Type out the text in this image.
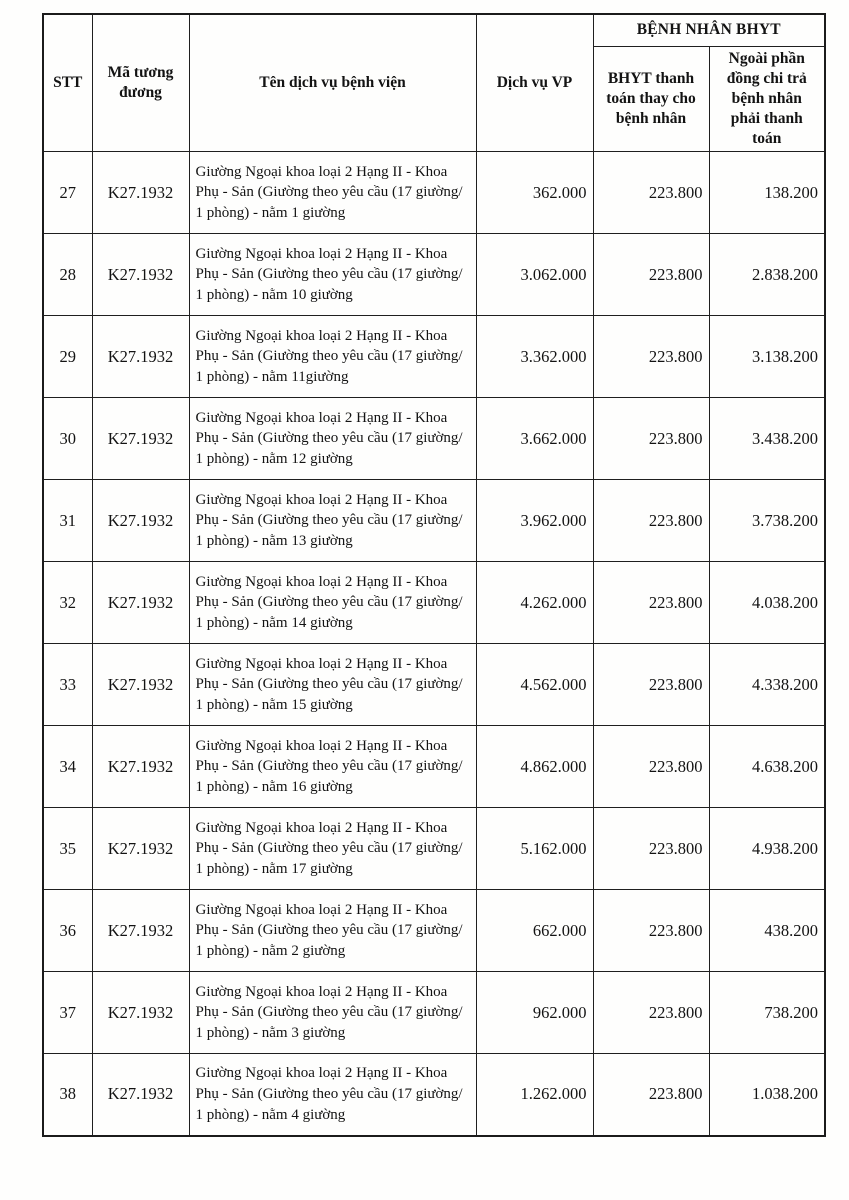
STT	Mã tương đương	Tên dịch vụ bệnh viện	Dịch vụ VP	BỆNH NHÂN BHYT	
				BHYT thanh toán thay cho bệnh nhân	Ngoài phần đồng chi trả bệnh nhân phải thanh toán
27	K27.1932	Giường Ngoại khoa loại 2 Hạng II - Khoa Phụ - Sản (Giường theo yêu cầu (17 giường/ 1 phòng) - nằm 1 giường	362.000	223.800	138.200
28	K27.1932	Giường Ngoại khoa loại 2 Hạng II - Khoa Phụ - Sản (Giường theo yêu cầu (17 giường/ 1 phòng) - nằm 10 giường	3.062.000	223.800	2.838.200
29	K27.1932	Giường Ngoại khoa loại 2 Hạng II - Khoa Phụ - Sản (Giường theo yêu cầu (17 giường/ 1 phòng) - nằm 11giường	3.362.000	223.800	3.138.200
30	K27.1932	Giường Ngoại khoa loại 2 Hạng II - Khoa Phụ - Sản (Giường theo yêu cầu (17 giường/ 1 phòng) - nằm 12 giường	3.662.000	223.800	3.438.200
31	K27.1932	Giường Ngoại khoa loại 2 Hạng II - Khoa Phụ - Sản (Giường theo yêu cầu (17 giường/ 1 phòng) - nằm 13 giường	3.962.000	223.800	3.738.200
32	K27.1932	Giường Ngoại khoa loại 2 Hạng II - Khoa Phụ - Sản (Giường theo yêu cầu (17 giường/ 1 phòng) - nằm 14 giường	4.262.000	223.800	4.038.200
33	K27.1932	Giường Ngoại khoa loại 2 Hạng II - Khoa Phụ - Sản (Giường theo yêu cầu (17 giường/ 1 phòng) - nằm 15 giường	4.562.000	223.800	4.338.200
34	K27.1932	Giường Ngoại khoa loại 2 Hạng II - Khoa Phụ - Sản (Giường theo yêu cầu (17 giường/ 1 phòng) - nằm 16 giường	4.862.000	223.800	4.638.200
35	K27.1932	Giường Ngoại khoa loại 2 Hạng II - Khoa Phụ - Sản (Giường theo yêu cầu (17 giường/ 1 phòng) - nằm 17 giường	5.162.000	223.800	4.938.200
36	K27.1932	Giường Ngoại khoa loại 2 Hạng II - Khoa Phụ - Sản (Giường theo yêu cầu (17 giường/ 1 phòng) - nằm 2 giường	662.000	223.800	438.200
37	K27.1932	Giường Ngoại khoa loại 2 Hạng II - Khoa Phụ - Sản (Giường theo yêu cầu (17 giường/ 1 phòng) - nằm 3 giường	962.000	223.800	738.200
38	K27.1932	Giường Ngoại khoa loại 2 Hạng II - Khoa Phụ - Sản (Giường theo yêu cầu (17 giường/ 1 phòng) - nằm 4 giường	1.262.000	223.800	1.038.200
